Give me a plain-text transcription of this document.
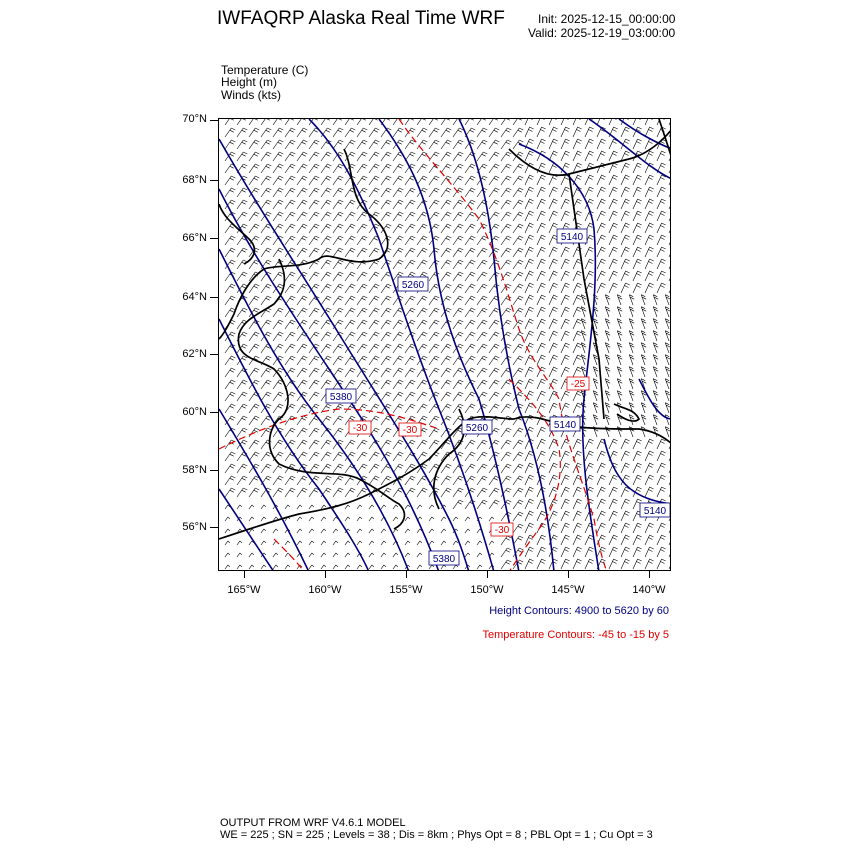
IWFAQRP Alaska Real Time WRF	Init: 2025-12-15_00:00:00
Valid: 2025-12-19_03:00:00
Temperature (C)
Height (m)
Winds (kts)
70°N
68°N
66°N
64°N
62°N
60°N
58°N
56°N
165°W	160°W	155°W	150°W	145°W	140°W
5260
5140
5380
5260	5140
5140
5380
-30	-30
-30
-25
Height Contours: 4900 to 5620 by 60
Temperature Contours: -45 to -15 by 5
OUTPUT FROM WRF V4.6.1 MODEL
WE = 225 ; SN = 225 ; Levels = 38 ; Dis = 8km ; Phys Opt = 8 ; PBL Opt = 1 ; Cu Opt = 3
